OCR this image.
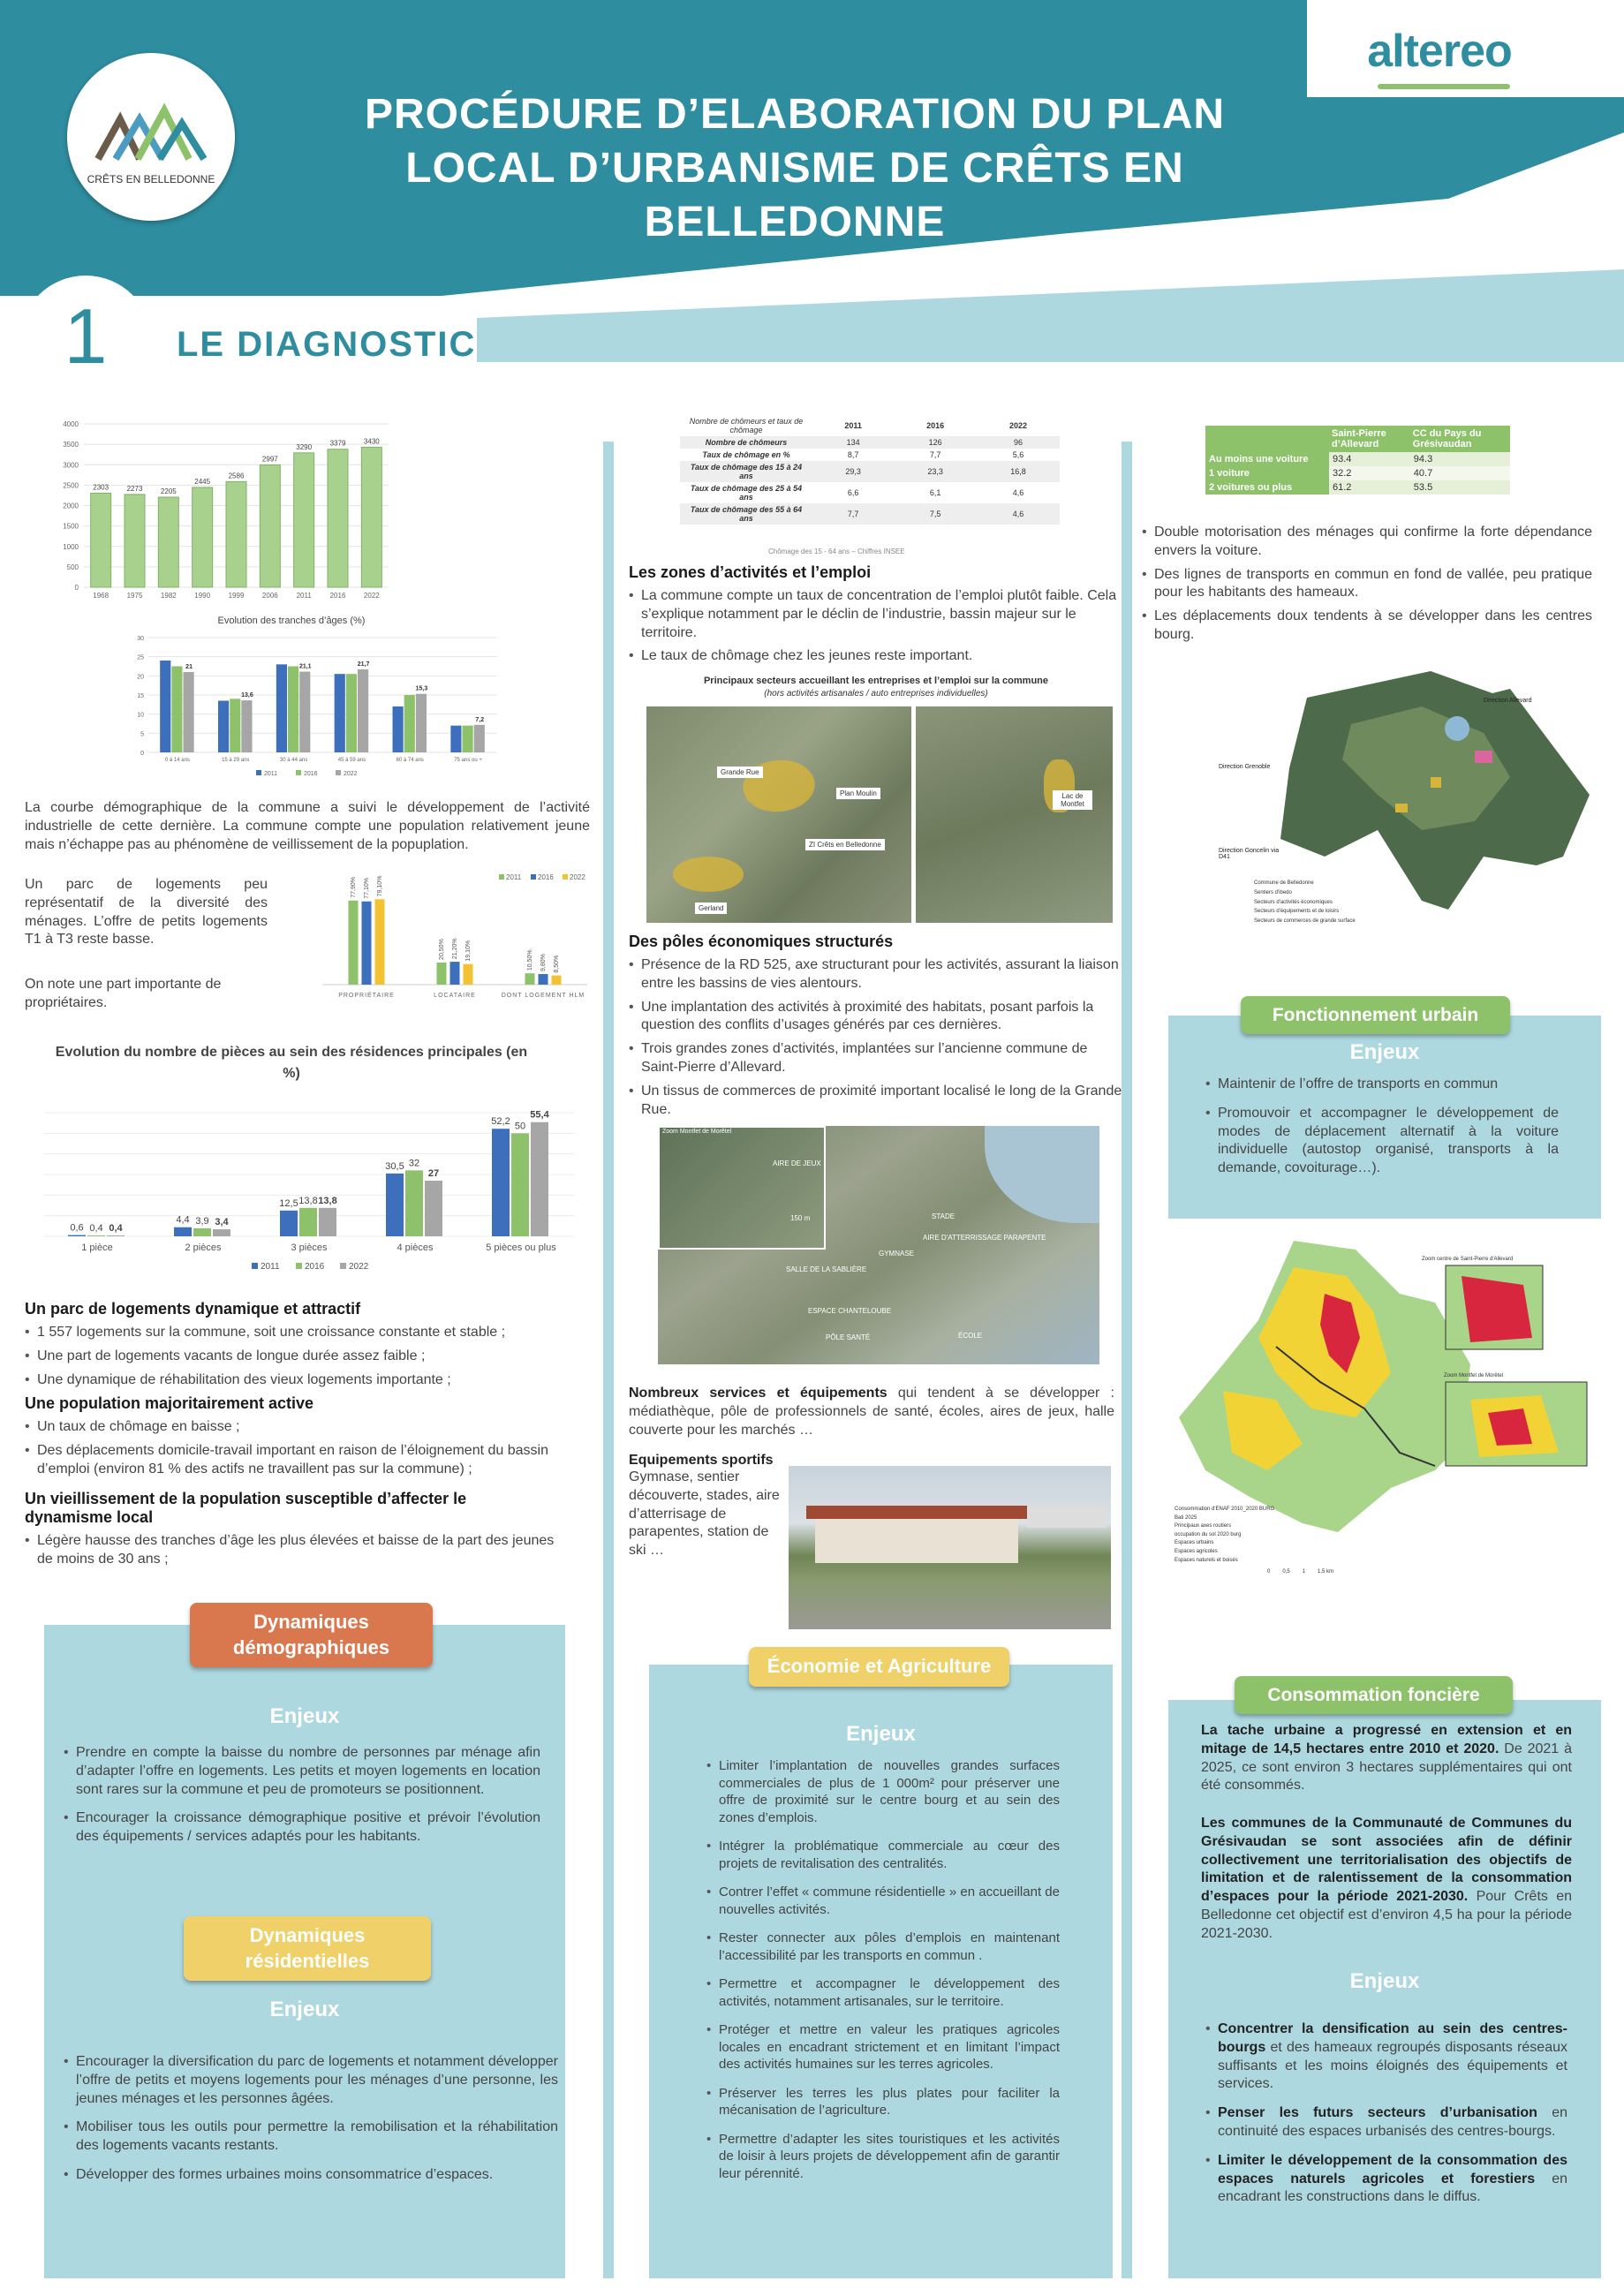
CRÊTS EN BELLEDONNE
PROCÉDURE D’ELABORATION DU PLAN LOCAL D’URBANISME DE CRÊTS EN BELLEDONNE
altereo
1	LE DIAGNOSTIC
0
500
1000
1500
2000
2500
3000
3500
4000
2303
1968
2273
1975
2205
1982
2445
1990
2586
1999
2997
2006
3290
2011
3379
2016
3430
2022
Evolution des tranches d’âges (%)
0
5
10
15
20
25
30
21
0 à 14 ans
13,6
15 à 29 ans
21,1
30 à 44 ans
21,7
45 à 59 ans
15,3
60 à 74 ans
7,2
75 ans ou +
2011	2016	2022

La courbe démographique de la commune a suivi le développement de l’activité industrielle de cette dernière. La commune compte une population relativement jeune mais n’échappe pas au phénomène de veillissement de la popuplation.

Un parc de logements peu représentatif de la diversité des ménages. L’offre de petits logements T1 à T3 reste basse.

On note une part importante de propriétaires.

2011 2016 2022
77,90% 77,10% 79,10%
PROPRIÉTAIRE
20,50% 21,20% 19,10%
LOCATAIRE
10,50% 9,80% 8,50%
DONT LOGEMENT HLM
Evolution du nombre de pièces au sein des résidences principales (en %)
0,6 0,4 0,4
1 pièce
4,4 3,9 3,4
2 pièces
12,5 13,8 13,8
3 pièces
30,5 32
27
4 pièces
52,2 50
55,4
5 pièces ou plus
2011	2016	2022
Un parc de logements dynamique et attractif
• 1 557 logements sur la commune, soit une croissance constante et stable ;
• Une part de logements vacants de longue durée assez faible ;
• Une dynamique de réhabilitation des vieux logements importante ;
Une population majoritairement active
• Un taux de chômage en baisse ;
• Des déplacements domicile-travail important en raison de l’éloignement du bassin d’emploi (environ 81 % des actifs ne travaillent pas sur la commune) ;
Un vieillissement de la population susceptible d’affecter le dynamisme local
• Légère hausse des tranches d’âge les plus élevées et baisse de la part des jeunes de moins de 30 ans ;
Dynamiques démographiques
Enjeux
• Prendre en compte la baisse du nombre de personnes par ménage afin d’adapter l’offre en logements. Les petits et moyen logements en location sont rares sur la commune et peu de promoteurs se positionnent.
• Encourager la croissance démographique positive et prévoir l’évolution des équipements / services adaptés pour les habitants.
Dynamiques résidentielles
Enjeux
• Encourager la diversification du parc de logements et notamment développer l’offre de petits et moyens logements pour les ménages d’une personne, les jeunes ménages et les personnes âgées.
• Mobiliser tous les outils pour permettre la remobilisation et la réhabilitation des logements vacants restants.
• Développer des formes urbaines moins consommatrice d’espaces.
Nombre de chômeurs et taux de chômage	2011	2016	2022
Nombre de chômeurs	134	126	96
Taux de chômage en %	8,7	7,7	5,6
Taux de chômage des 15 à 24 ans	29,3	23,3	16,8
Taux de chômage des 25 à 54 ans	6,6	6,1	4,6
Taux de chômage des 55 à 64 ans	7,7	7,5	4,6
Chômage des 15 - 64 ans – Chiffres INSEE
Les zones d’activités et l’emploi
• La commune compte un taux de concentration de l’emploi plutôt faible. Cela s’explique notamment par le déclin de l’industrie, bassin majeur sur le territoire.
• Le taux de chômage chez les jeunes reste important.
Principaux secteurs accueillant les entreprises et l’emploi sur la commune
(hors activités artisanales / auto entreprises individuelles)
Grande Rue
Plan Moulin
ZI Crêts en Belledonne
Gerland
Lac de Montfet
Des pôles économiques structurés
• Présence de la RD 525, axe structurant pour les activités, assurant la liaison entre les bassins de vies alentours.
• Une implantation des activités à proximité des habitats, posant parfois la question des conflits d’usages générés par ces dernières.
• Trois grandes zones d’activités, implantées sur l’ancienne commune de Saint-Pierre d’Allevard.
• Un tissus de commerces de proximité important localisé le long de la Grande Rue.
Zoom Montfet de Morêtel
AIRE DE JEUX
STADE
AIRE D'ATTERRISSAGE PARAPENTE
SALLE DE LA SABLIÈRE
ESPACE CHANTELOUBE
GYMNASE
PÔLE SANTÉ	ÉCOLE
150 m

Nombreux services et équipements qui tendent à se développer : médiathèque, pôle de professionnels de santé, écoles, aires de jeux, halle couverte pour les marchés …

Equipements sportifs
Gymnase, sentier découverte, stades, aire d’atterrisage de parapentes, station de ski …
Économie et Agriculture
Enjeux
• Limiter l’implantation de nouvelles grandes surfaces commerciales de plus de 1 000m² pour préserver une offre de proximité sur le centre bourg et au sein des zones d’emplois.
• Intégrer la problématique commerciale au cœur des projets de revitalisation des centralités.
• Contrer l’effet « commune résidentielle » en accueillant de nouvelles activités.
• Rester connecter aux pôles d’emplois en maintenant l’accessibilité par les transports en commun .
• Permettre et accompagner le développement des activités, notamment artisanales, sur le territoire.
• Protéger et mettre en valeur les pratiques agricoles locales en encadrant strictement et en limitant l’impact des activités humaines sur les terres agricoles.
• Préserver les terres les plus plates pour faciliter la mécanisation de l’agriculture.
• Permettre d’adapter les sites touristiques et les activités de loisir à leurs projets de développement afin de garantir leur pérennité.
	Saint-Pierre d’Allevard	CC du Pays du Grésivaudan
Au moins une voiture	93.4	94.3
1 voiture	32.2	40.7
2 voitures ou plus	61.2	53.5
• Double motorisation des ménages qui confirme la forte dépendance envers la voiture.
• Des lignes de transports en commun en fond de vallée, peu pratique pour les habitants des hameaux.
• Les déplacements doux tendents à se développer dans les centres bourg.
Direction Allevard
Direction Grenoble
Direction Goncelin via D41
Commune de Belledonne
Sentiers d'ibedo
Secteurs d'activités économiques
Secteurs d'équipements et de loisirs
Secteurs de commerces de grande surface
Fonctionnement urbain
Enjeux
• Maintenir de l’offre de transports en commun
• Promouvoir et accompagner le développement de modes de déplacement alternatif à la voiture individuelle (autostop organisé, transports à la demande, covoiturage…).
Zoom centre de Saint-Pierre d'Allevard
Zoom Montfet de Morêtel
Consommation d'ENAF 2010_2020 BURG
Bati 2025
Principaux axes routiers
occupation du sol 2020 burg
Espaces urbains
Espaces agricoles
Espaces naturels et boisés
0 0,5 1 1,5 km
Consommation foncière

La tache urbaine a progressé en extension et en mitage de 14,5 hectares entre 2010 et 2020. De 2021 à 2025, ce sont environ 3 hectares supplémentaires qui ont été consommés.

Les communes de la Communauté de Communes du Grésivaudan se sont associées afin de définir collectivement une territorialisation des objectifs de limitation et de ralentissement de la consommation d’espaces pour la période 2021-2030. Pour Crêts en Belledonne cet objectif est d’environ 4,5 ha pour la période 2021-2030.

Enjeux
• Concentrer la densification au sein des centres-bourgs et des hameaux regroupés disposants réseaux suffisants et les moins éloignés des équipements et services.
• Penser les futurs secteurs d’urbanisation en continuité des espaces urbanisés des centres-bourgs.
• Limiter le développement de la consommation des espaces naturels agricoles et forestiers en encadrant les constructions dans le diffus.
